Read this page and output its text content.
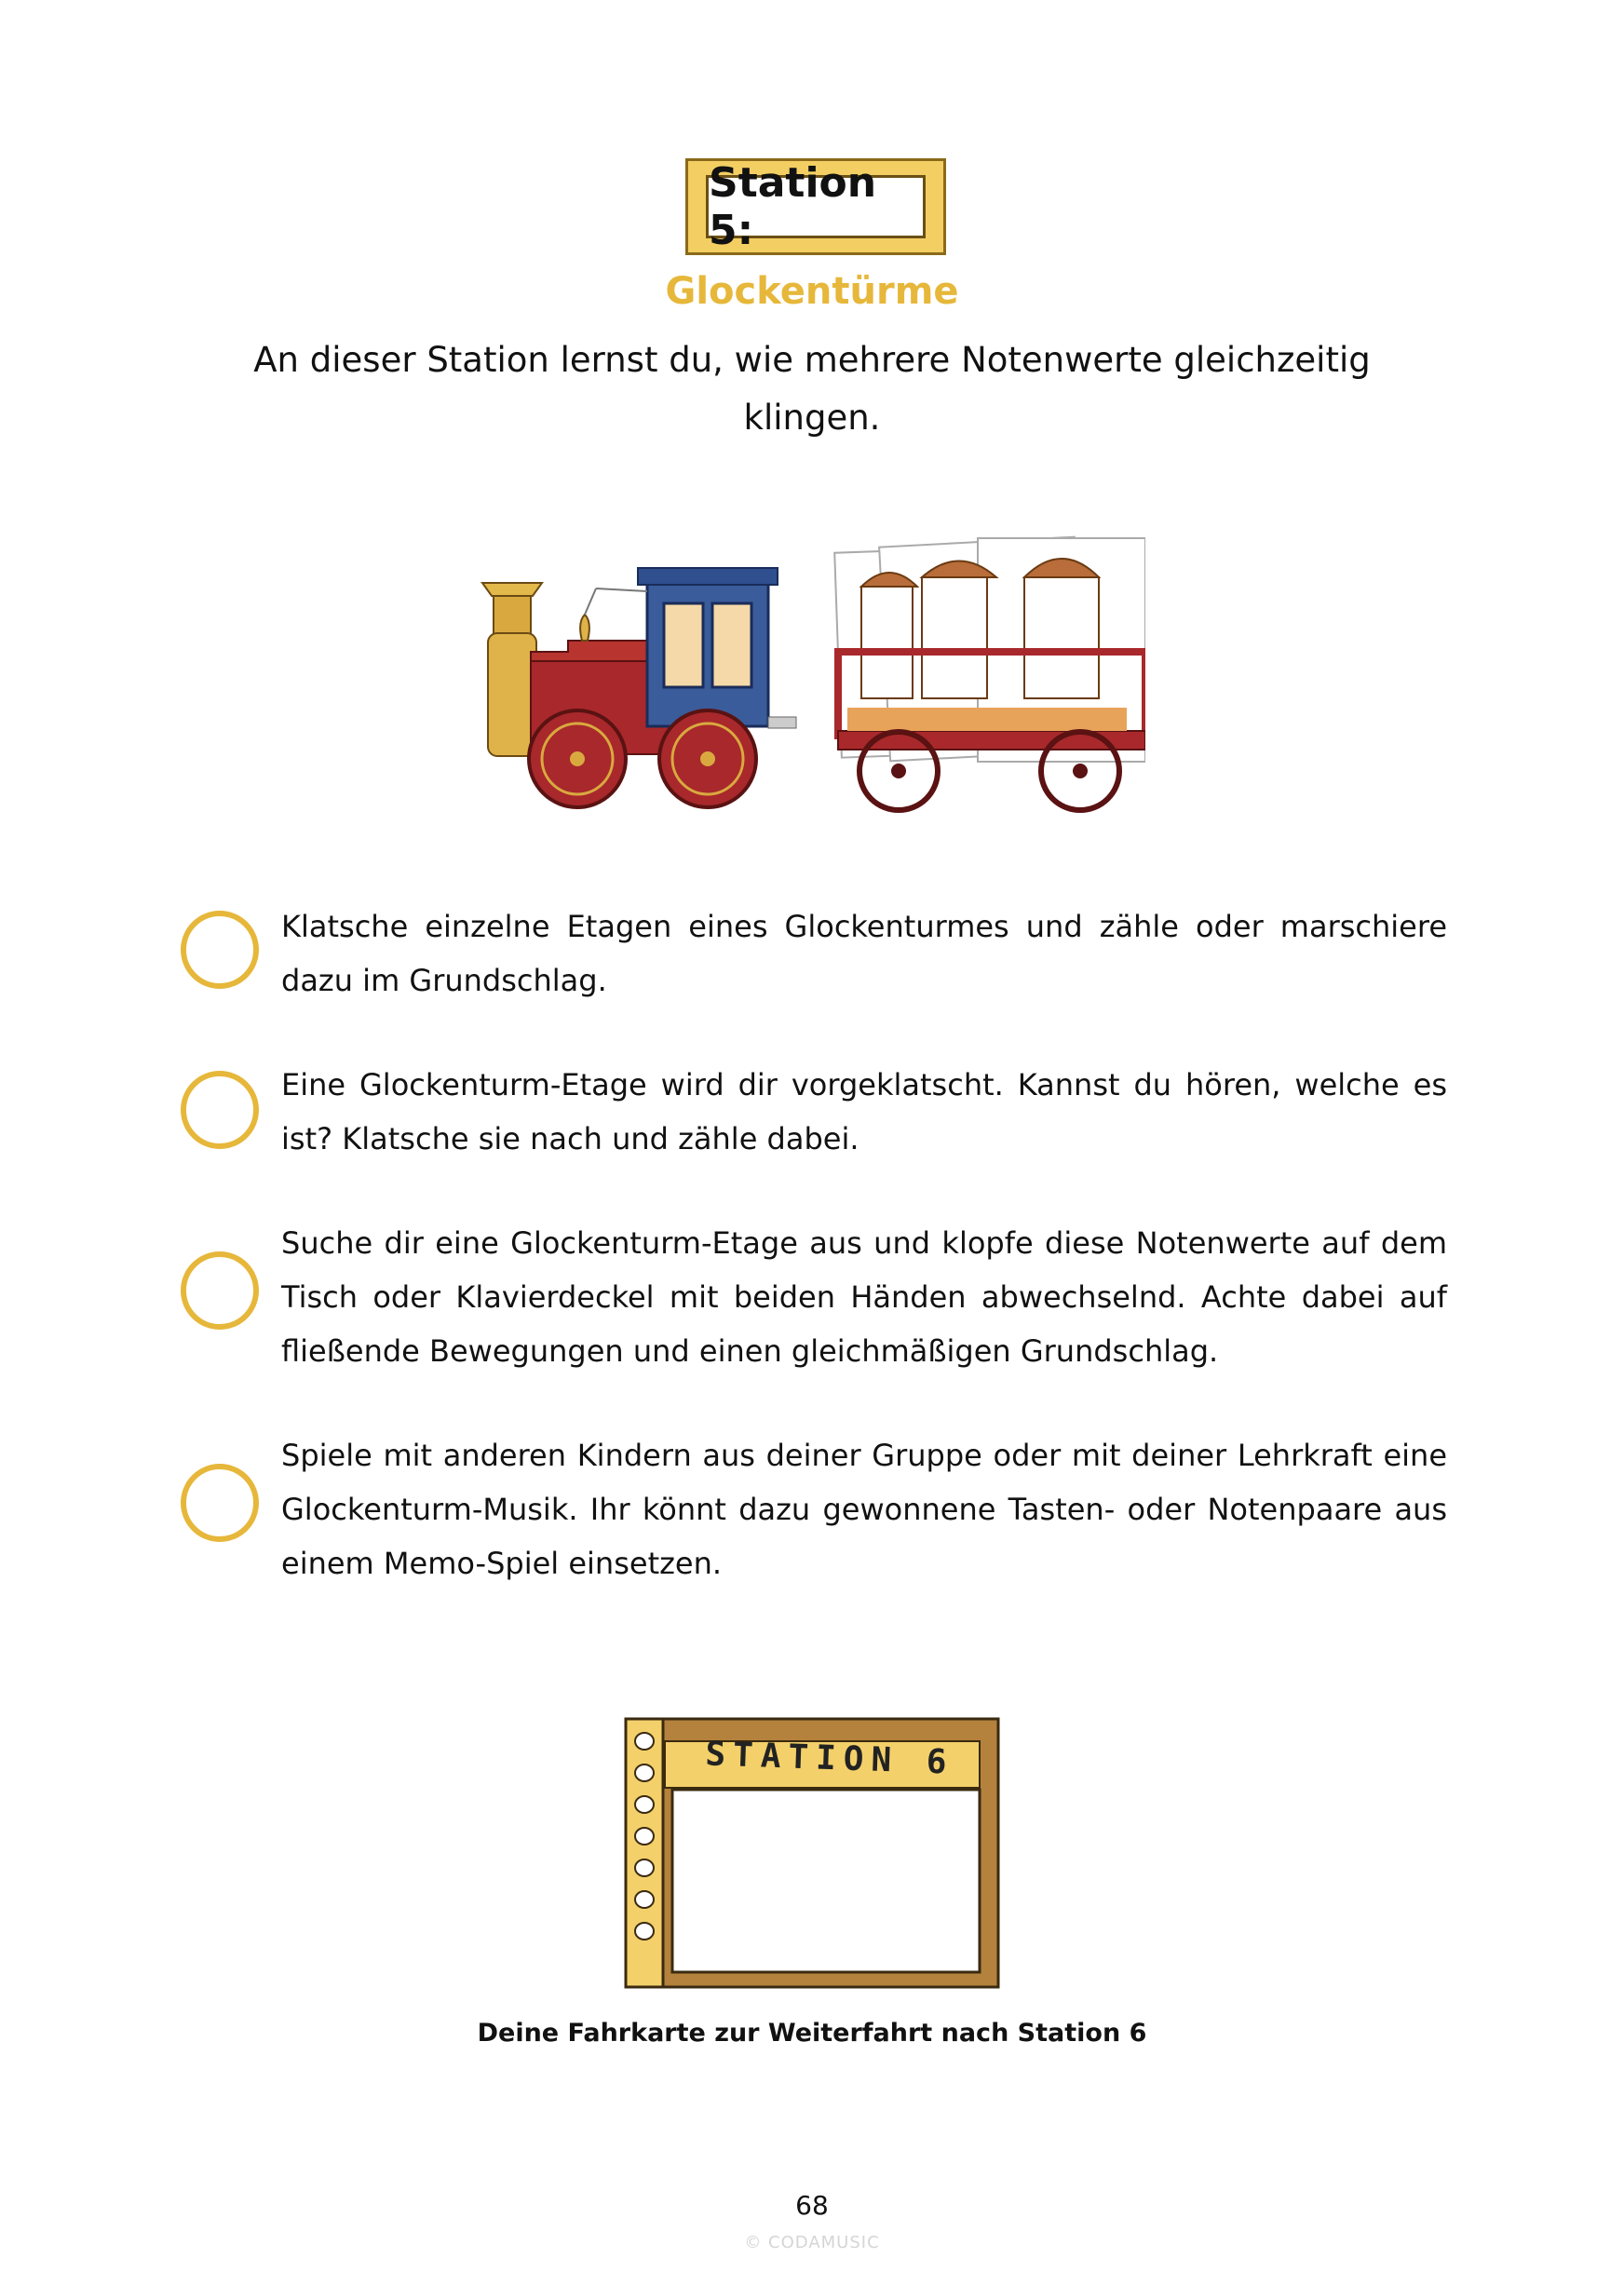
Station 5:
Glockentürme
An dieser Station lernst du, wie mehrere Notenwerte gleichzeitig klingen.
Klatsche einzelne Etagen eines Glockenturmes und zähle oder marschiere dazu im Grundschlag.
Eine Glockenturm-Etage wird dir vorgeklatscht. Kannst du hören, welche es ist? Klatsche sie nach und zähle dabei.
Suche dir eine Glockenturm-Etage aus und klopfe diese Notenwerte auf dem Tisch oder Klavierdeckel mit beiden Händen abwechselnd. Achte dabei auf fließende Bewegungen und einen gleichmäßigen Grundschlag.
Spiele mit anderen Kindern aus deiner Gruppe oder mit deiner Lehrkraft eine Glockenturm-Musik. Ihr könnt dazu gewonnene Tasten- oder Notenpaare aus einem Memo-Spiel einsetzen.
STATION 6
Deine Fahrkarte zur Weiterfahrt nach Station 6
68
© CODAMUSIC
